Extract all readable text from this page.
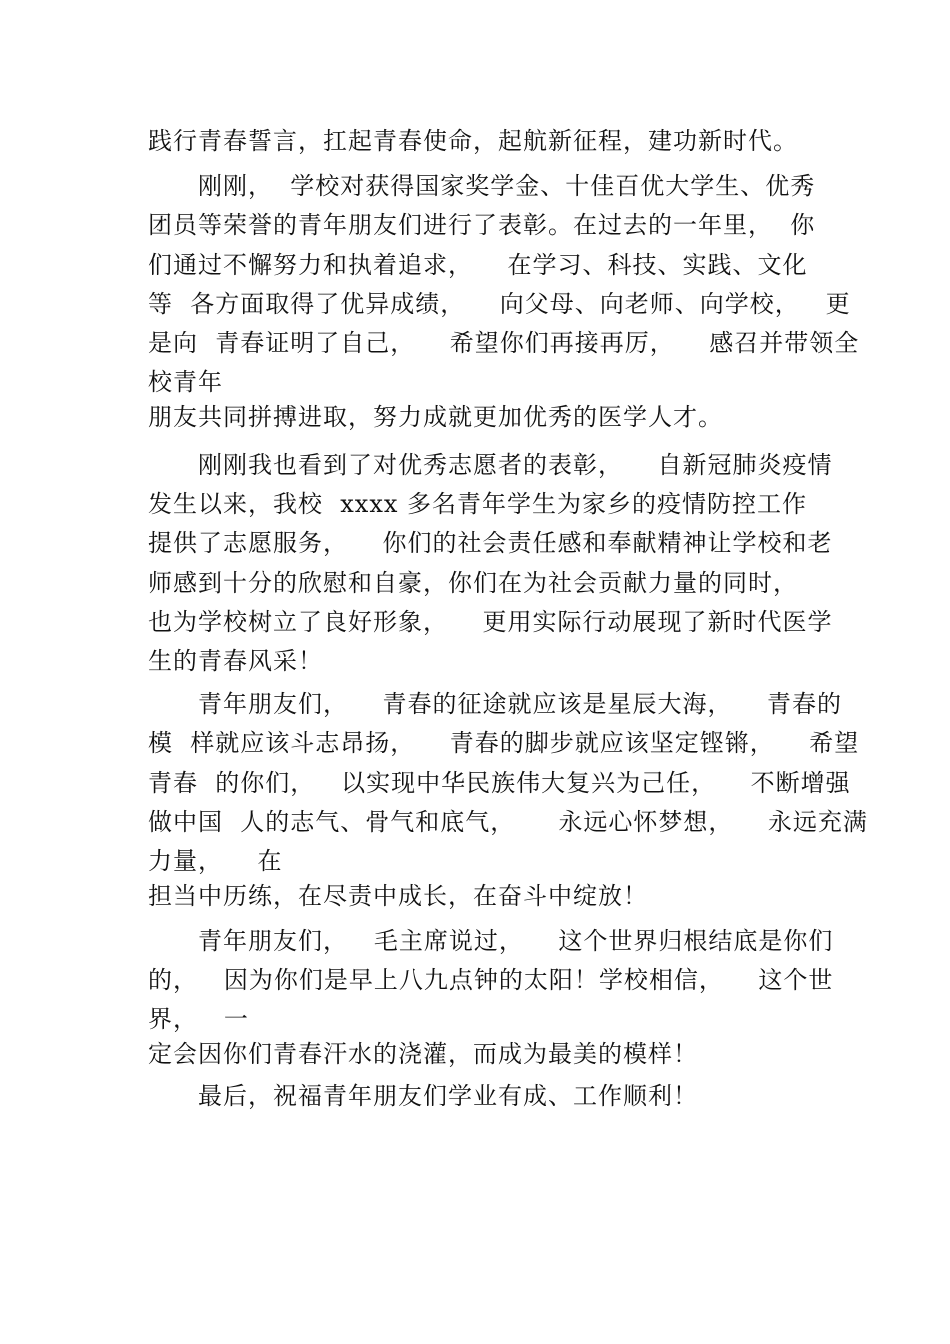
践行青春誓言，扛起青春使命，起航新征程，建功新时代。
刚刚，  学校对获得国家奖学金、十佳百优大学生、优秀
团员等荣誉的青年朋友们进行了表彰。在过去的一年里，  你
们通过不懈努力和执着追求，    在学习、科技、实践、文化
等  各方面取得了优异成绩，    向父母、向老师、向学校，   更
是向  青春证明了自己，    希望你们再接再厉，    感召并带领全
校青年
朋友共同拼搏进取，努力成就更加优秀的医学人才。
刚刚我也看到了对优秀志愿者的表彰，    自新冠肺炎疫情
发生以来，我校  xxxx 多名青年学生为家乡的疫情防控工作
提供了志愿服务，    你们的社会责任感和奉献精神让学校和老
师感到十分的欣慰和自豪，你们在为社会贡献力量的同时，
也为学校树立了良好形象，    更用实际行动展现了新时代医学
生的青春风采！
青年朋友们，    青春的征途就应该是星辰大海，    青春的
模  样就应该斗志昂扬，    青春的脚步就应该坚定铿锵，    希望
青春  的你们，   以实现中华民族伟大复兴为己任，    不断增强
做中国  人的志气、骨气和底气，     永远心怀梦想，    永远充满
力量，    在
担当中历练，在尽责中成长，在奋斗中绽放！
青年朋友们，   毛主席说过，    这个世界归根结底是你们
的，   因为你们是早上八九点钟的太阳！学校相信，    这个世
界，   一
定会因你们青春汗水的浇灌，而成为最美的模样！
最后，祝福青年朋友们学业有成、工作顺利！
